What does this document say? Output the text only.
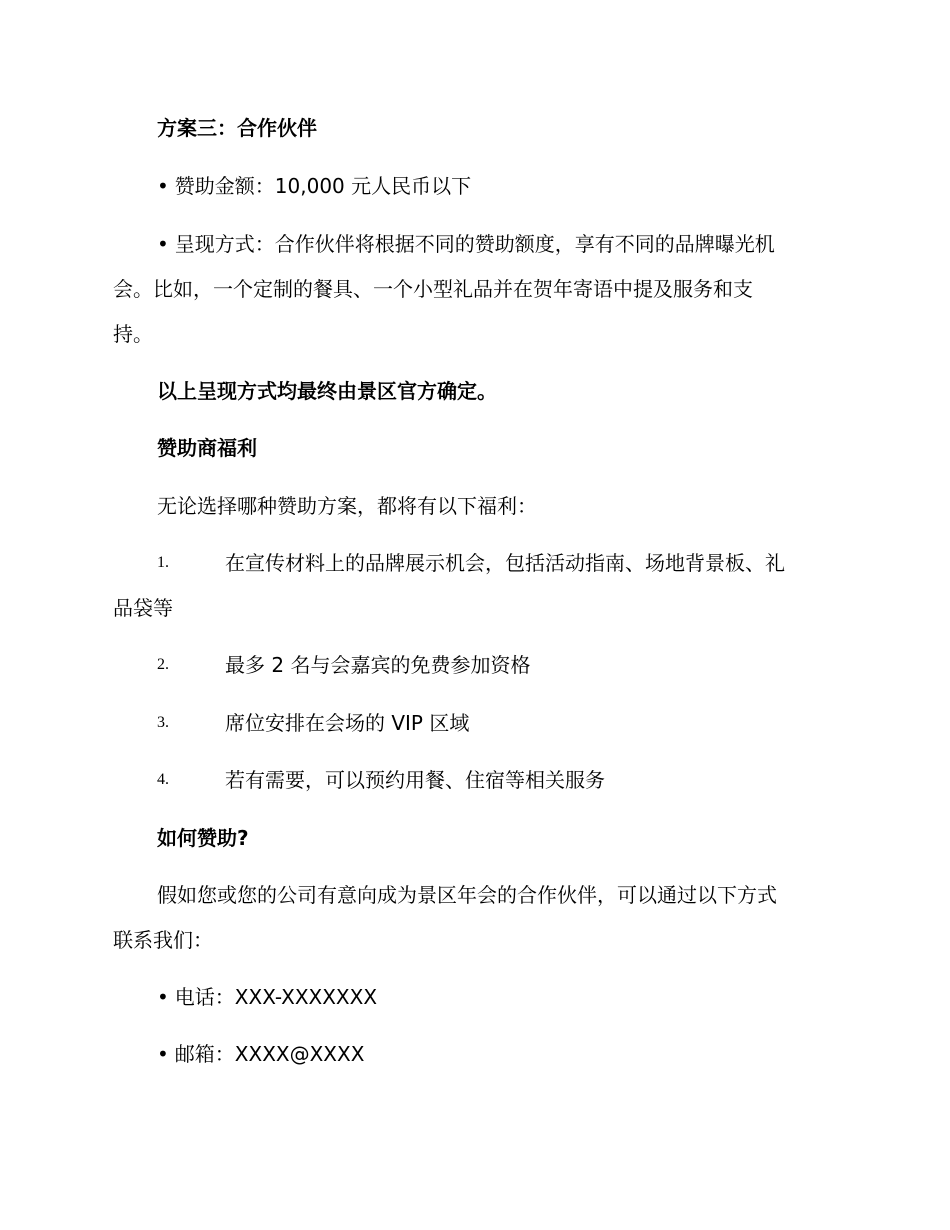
方案三：合作伙伴
• 赞助金额：10,000 元人民币以下
• 呈现方式：合作伙伴将根据不同的赞助额度，享有不同的品牌曝光机
会。比如，一个定制的餐具、一个小型礼品并在贺年寄语中提及服务和支
持。
以上呈现方式均最终由景区官方确定。
赞助商福利
无论选择哪种赞助方案，都将有以下福利：
1.	在宣传材料上的品牌展示机会，包括活动指南、场地背景板、礼
品袋等
2.	最多 2 名与会嘉宾的免费参加资格
3.	席位安排在会场的 VIP 区域
4.	若有需要，可以预约用餐、住宿等相关服务
如何赞助?
假如您或您的公司有意向成为景区年会的合作伙伴，可以通过以下方式
联系我们：
• 电话：XXX-XXXXXXX
• 邮箱：XXXX@XXXX
